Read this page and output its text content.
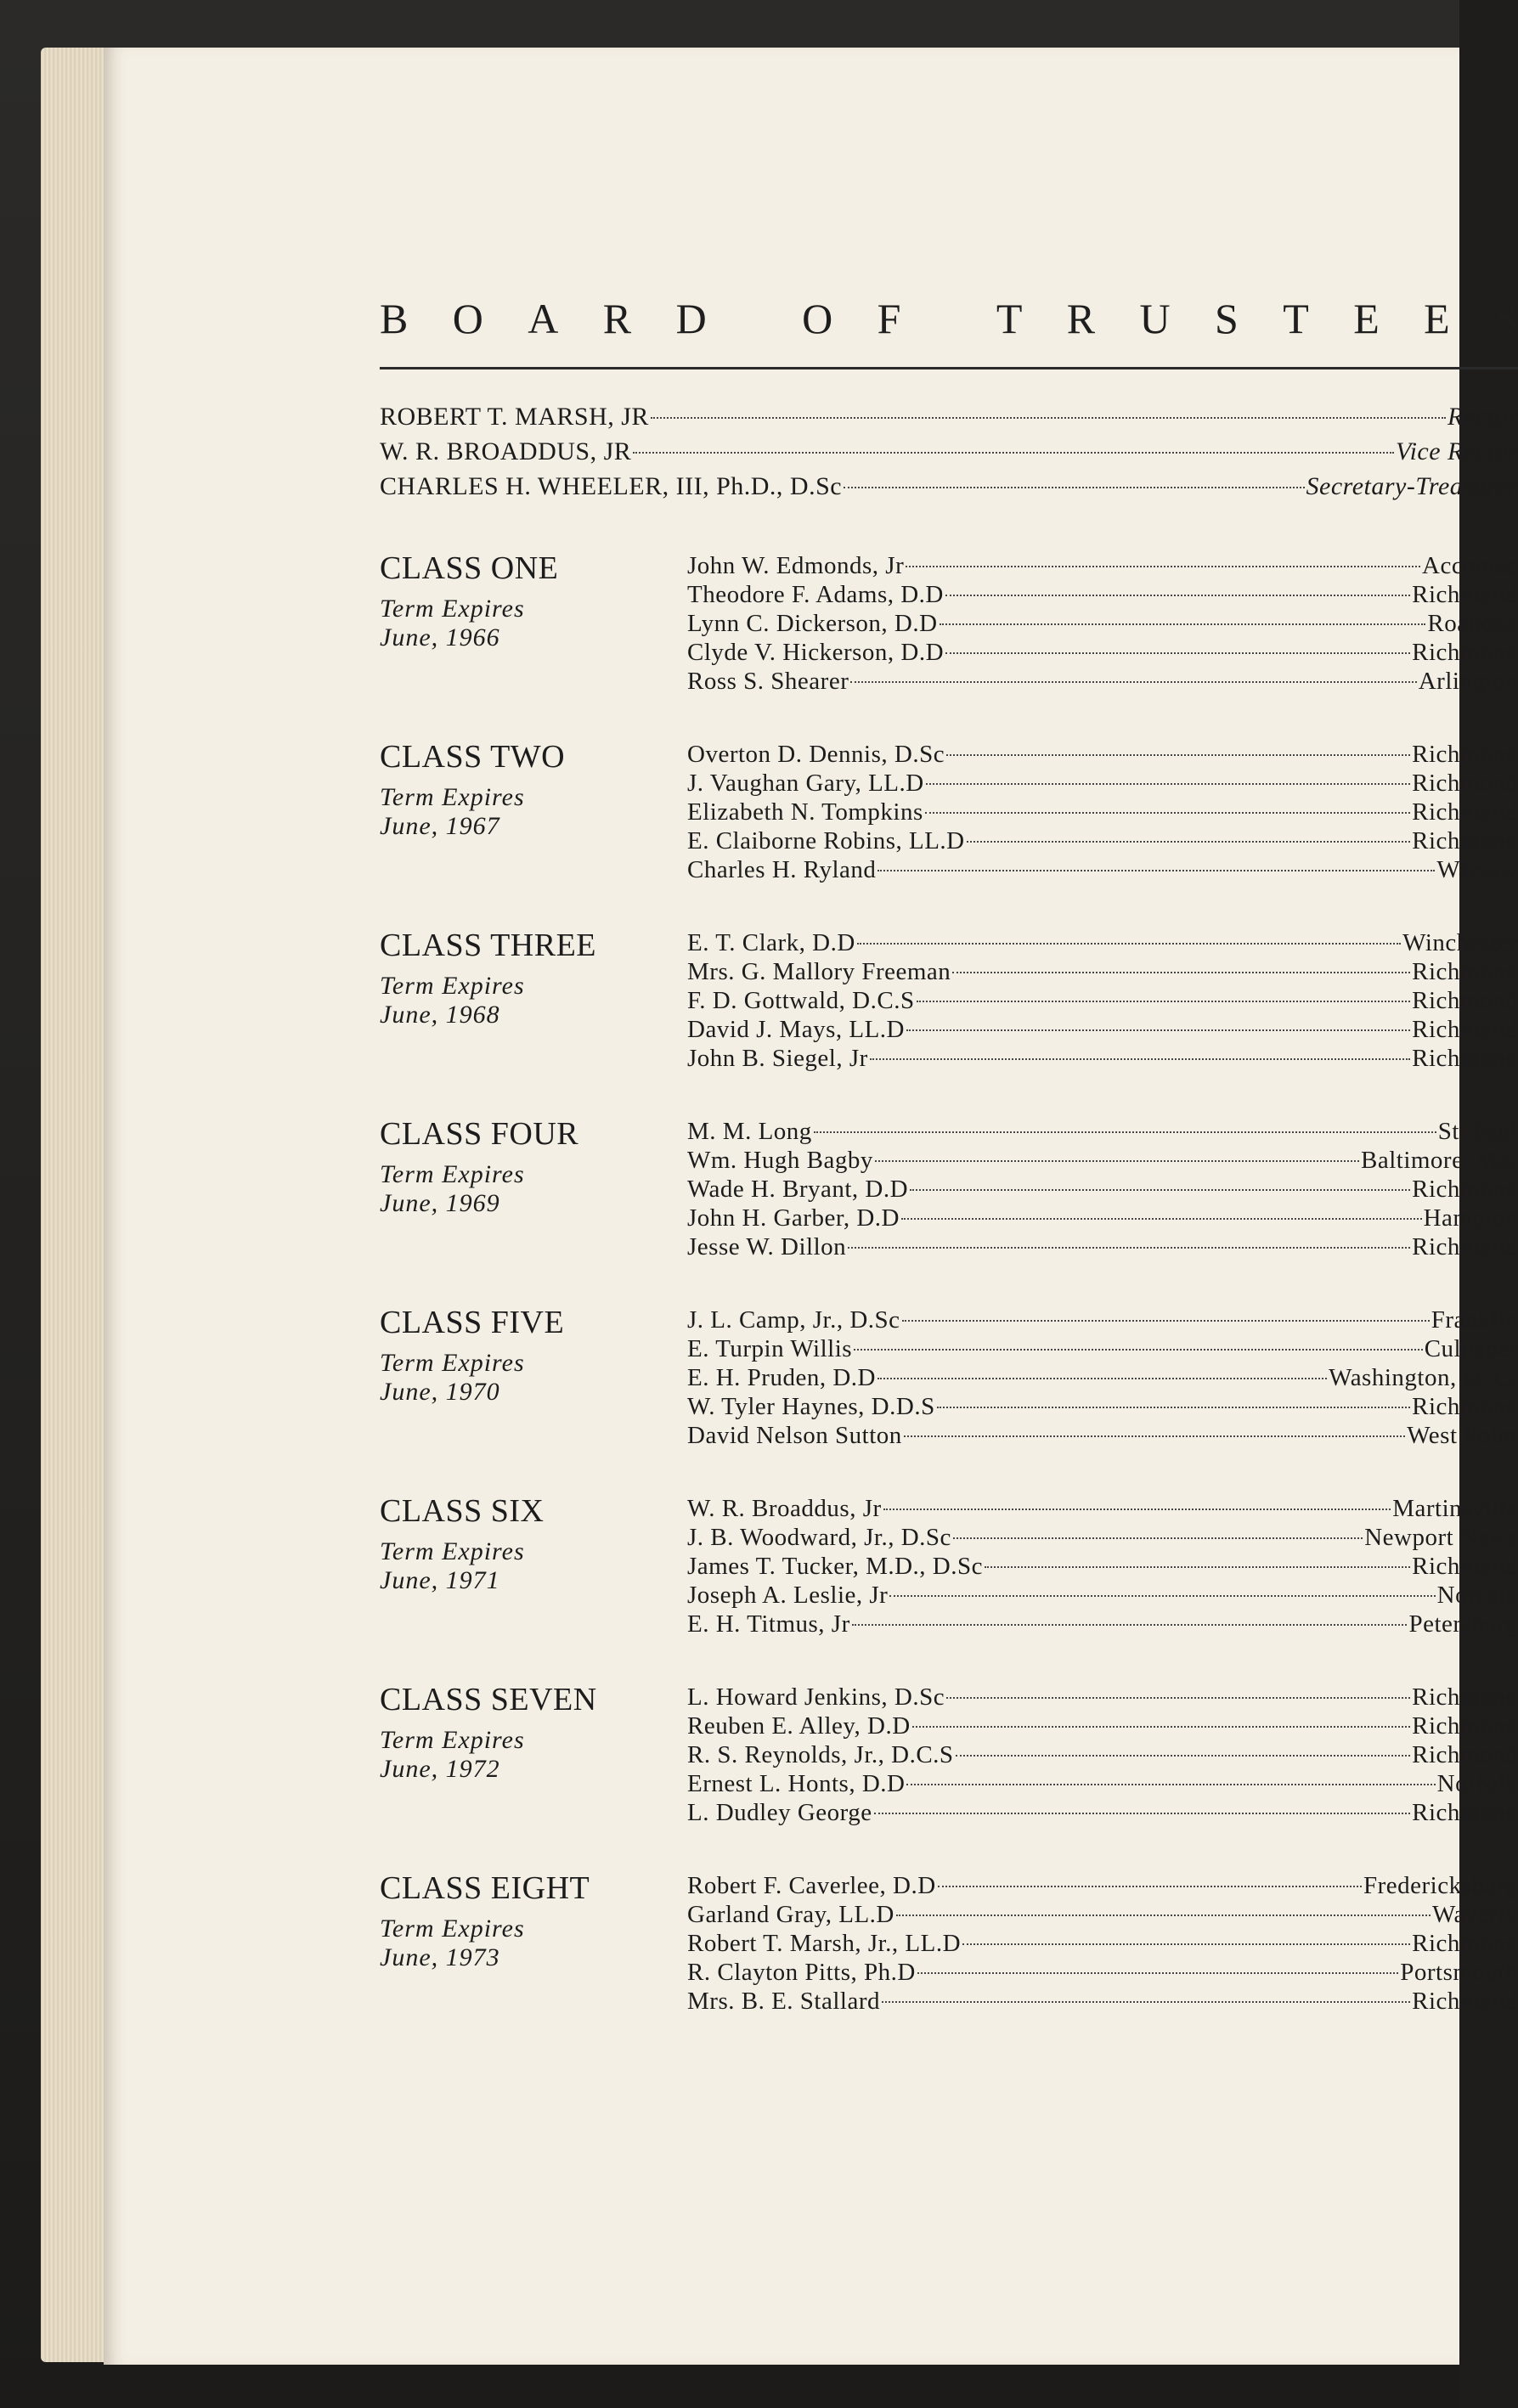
B O A R D O F T R U S T E E S
ROBERT T. MARSH, JR	Rector
W. R. BROADDUS, JR	Vice Rector
CHARLES H. WHEELER, III, Ph.D., D.Sc	Secretary-Treasurer
CLASS ONE
Term Expires
June, 1966
John W. Edmonds, Jr	Accomac
Theodore F. Adams, D.D	Richmond
Lynn C. Dickerson, D.D	Roanoke
Clyde V. Hickerson, D.D	Richmond
Ross S. Shearer	Arlington
CLASS TWO
Term Expires
June, 1967
Overton D. Dennis, D.Sc	Richmond
J. Vaughan Gary, LL.D	Richmond
Elizabeth N. Tompkins	Richmond
E. Claiborne Robins, LL.D	Richmond
Charles H. Ryland	Warsaw
CLASS THREE
Term Expires
June, 1968
E. T. Clark, D.D	Winchester
Mrs. G. Mallory Freeman	Richmond
F. D. Gottwald, D.C.S	Richmond
David J. Mays, LL.D	Richmond
John B. Siegel, Jr	Richmond
CLASS FOUR
Term Expires
June, 1969
M. M. Long	St. Paul
Wm. Hugh Bagby	Baltimore, Md.
Wade H. Bryant, D.D	Richmond
John H. Garber, D.D	Hampton
Jesse W. Dillon	Richmond
CLASS FIVE
Term Expires
June, 1970
J. L. Camp, Jr., D.Sc	Franklin
E. Turpin Willis	Culpeper
E. H. Pruden, D.D	Washington, D. C.
W. Tyler Haynes, D.D.S	Richmond
David Nelson Sutton	West Point
CLASS SIX
Term Expires
June, 1971
W. R. Broaddus, Jr	Martinsville
J. B. Woodward, Jr., D.Sc	Newport News
James T. Tucker, M.D., D.Sc	Richmond
Joseph A. Leslie, Jr	Norfolk
E. H. Titmus, Jr	Petersburg
CLASS SEVEN
Term Expires
June, 1972
L. Howard Jenkins, D.Sc	Richmond
Reuben E. Alley, D.D	Richmond
R. S. Reynolds, Jr., D.C.S	Richmond
Ernest L. Honts, D.D	Norfolk
L. Dudley George	Richmond
CLASS EIGHT
Term Expires
June, 1973
Robert F. Caverlee, D.D	Fredericksburg
Garland Gray, LL.D	Waverly
Robert T. Marsh, Jr., LL.D	Richmond
R. Clayton Pitts, Ph.D	Portsmouth
Mrs. B. E. Stallard	Richmond
